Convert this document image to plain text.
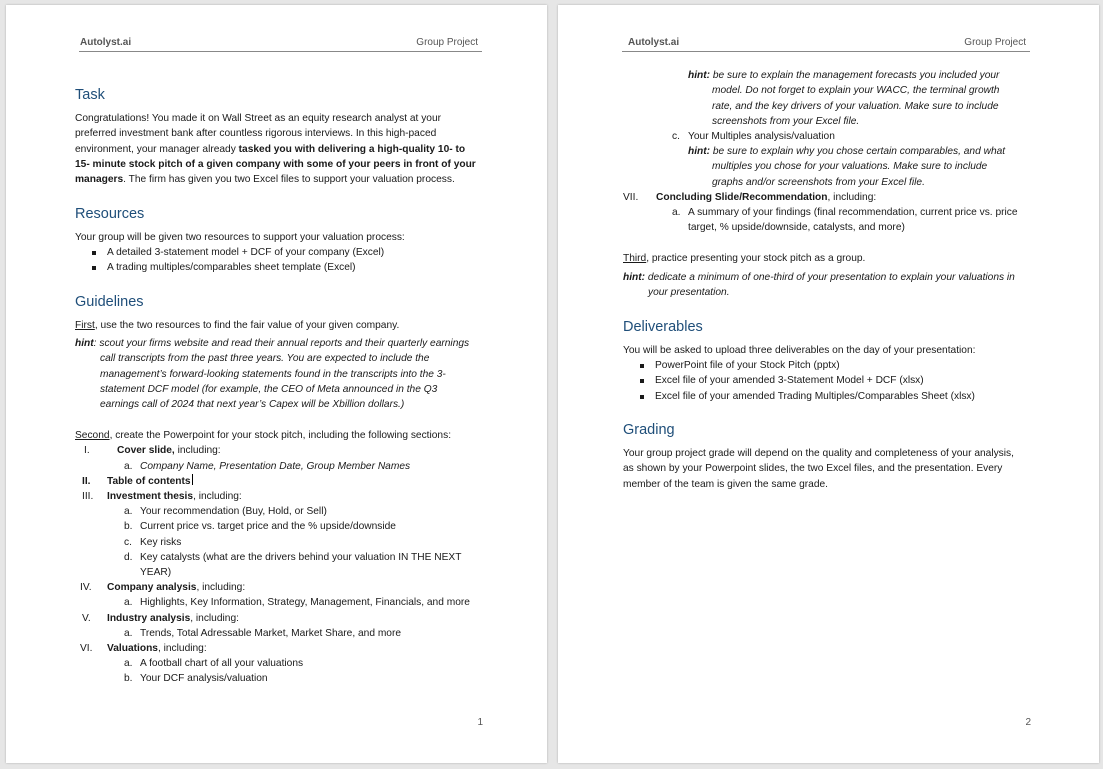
Autolyst.ai	Group Project
Task
Congratulations! You made it on Wall Street as an equity research analyst at your
preferred investment bank after countless rigorous interviews. In this high-paced
environment, your manager already tasked you with delivering a high-quality 10- to
15- minute stock pitch of a given company with some of your peers in front of your
managers. The firm has given you two Excel files to support your valuation process.
Resources
Your group will be given two resources to support your valuation process:
A detailed 3-statement model + DCF of your company (Excel)
A trading multiples/comparables sheet template (Excel)
Guidelines
First, use the two resources to find the fair value of your given company.
hint: scout your firms website and read their annual reports and their quarterly earnings
call transcripts from the past three years. You are expected to include the
management’s forward-looking statements found in the transcripts into the 3-
statement DCF model (for example, the CEO of Meta announced in the Q3
earnings call of 2024 that next year’s Capex will be Xbillion dollars.)
Second, create the Powerpoint for your stock pitch, including the following sections:
I.	Cover slide, including:
a. Company Name, Presentation Date, Group Member Names
II. Table of contents
III. Investment thesis, including:
a. Your recommendation (Buy, Hold, or Sell)
b. Current price vs. target price and the % upside/downside
c. Key risks
d. Key catalysts (what are the drivers behind your valuation IN THE NEXT
YEAR)
IV. Company analysis, including:
a. Highlights, Key Information, Strategy, Management, Financials, and more
V. Industry analysis, including:
a. Trends, Total Adressable Market, Market Share, and more
VI. Valuations, including:
a. A football chart of all your valuations
b. Your DCF analysis/valuation
1
Autolyst.ai	Group Project
hint: be sure to explain the management forecasts you included your
model. Do not forget to explain your WACC, the terminal growth
rate, and the key drivers of your valuation. Make sure to include
screenshots from your Excel file.
c. Your Multiples analysis/valuation
hint: be sure to explain why you chose certain comparables, and what
multiples you chose for your valuations. Make sure to include
graphs and/or screenshots from your Excel file.
VII. Concluding Slide/Recommendation, including:
a. A summary of your findings (final recommendation, current price vs. price
target, % upside/downside, catalysts, and more)
Third, practice presenting your stock pitch as a group.
hint: dedicate a minimum of one-third of your presentation to explain your valuations in
your presentation.
Deliverables
You will be asked to upload three deliverables on the day of your presentation:
PowerPoint file of your Stock Pitch (pptx)
Excel file of your amended 3-Statement Model + DCF (xlsx)
Excel file of your amended Trading Multiples/Comparables Sheet (xlsx)
Grading
Your group project grade will depend on the quality and completeness of your analysis,
as shown by your Powerpoint slides, the two Excel files, and the presentation. Every
member of the team is given the same grade.
2
